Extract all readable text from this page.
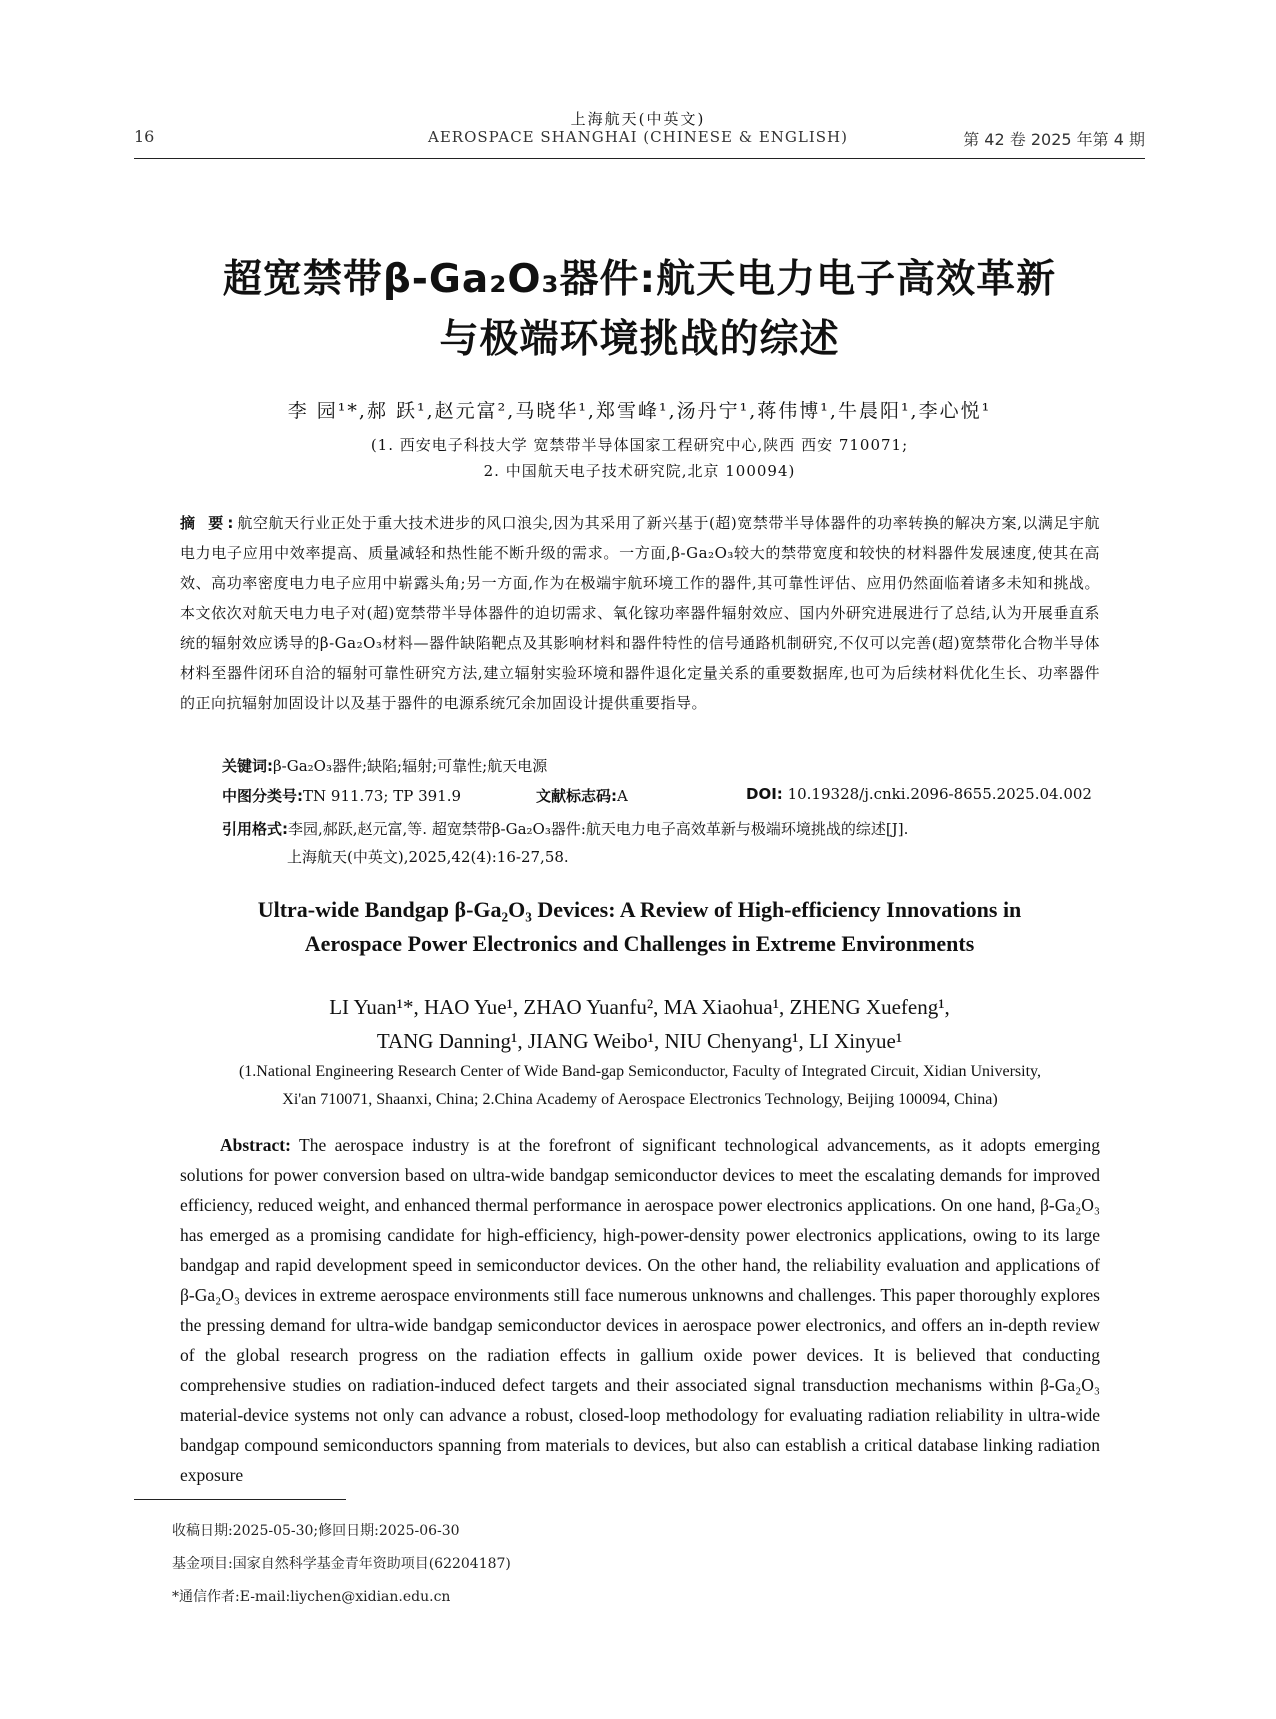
上海航天(中英文)
AEROSPACE SHANGHAI (CHINESE & ENGLISH)
16	第 42 卷 2025 年第 4 期
超宽禁带β-Ga₂O₃器件:航天电力电子高效革新
与极端环境挑战的综述
李 园¹*,郝 跃¹,赵元富²,马晓华¹,郑雪峰¹,汤丹宁¹,蒋伟博¹,牛晨阳¹,李心悦¹
(1. 西安电子科技大学 宽禁带半导体国家工程研究中心,陕西 西安 710071;
2. 中国航天电子技术研究院,北京 100094)
摘 要:航空航天行业正处于重大技术进步的风口浪尖,因为其采用了新兴基于(超)宽禁带半导体器件的功率转换的解决方案,以满足宇航电力电子应用中效率提高、质量减轻和热性能不断升级的需求。一方面,β-Ga₂O₃较大的禁带宽度和较快的材料器件发展速度,使其在高效、高功率密度电力电子应用中崭露头角;另一方面,作为在极端宇航环境工作的器件,其可靠性评估、应用仍然面临着诸多未知和挑战。本文依次对航天电力电子对(超)宽禁带半导体器件的迫切需求、氧化镓功率器件辐射效应、国内外研究进展进行了总结,认为开展垂直系统的辐射效应诱导的β-Ga₂O₃材料—器件缺陷靶点及其影响材料和器件特性的信号通路机制研究,不仅可以完善(超)宽禁带化合物半导体材料至器件闭环自洽的辐射可靠性研究方法,建立辐射实验环境和器件退化定量关系的重要数据库,也可为后续材料优化生长、功率器件的正向抗辐射加固设计以及基于器件的电源系统冗余加固设计提供重要指导。
关键词:β-Ga₂O₃器件;缺陷;辐射;可靠性;航天电源
中图分类号:TN 911.73; TP 391.9	文献标志码:A	DOI: 10.19328/j.cnki.2096-8655.2025.04.002
引用格式:李园,郝跃,赵元富,等. 超宽禁带β-Ga₂O₃器件:航天电力电子高效革新与极端环境挑战的综述[J].
上海航天(中英文),2025,42(4):16-27,58.
Ultra-wide Bandgap β-Ga₂O₃ Devices: A Review of High-efficiency Innovations in
Aerospace Power Electronics and Challenges in Extreme Environments
LI Yuan¹*, HAO Yue¹, ZHAO Yuanfu², MA Xiaohua¹, ZHENG Xuefeng¹,
TANG Danning¹, JIANG Weibo¹, NIU Chenyang¹, LI Xinyue¹
(1.National Engineering Research Center of Wide Band-gap Semiconductor, Faculty of Integrated Circuit, Xidian University,
Xi'an 710071, Shaanxi, China; 2.China Academy of Aerospace Electronics Technology, Beijing 100094, China)
Abstract: The aerospace industry is at the forefront of significant technological advancements, as it adopts emerging solutions for power conversion based on ultra-wide bandgap semiconductor devices to meet the escalating demands for improved efficiency, reduced weight, and enhanced thermal performance in aerospace power electronics applications. On one hand, β-Ga₂O₃ has emerged as a promising candidate for high-efficiency, high-power-density power electronics applications, owing to its large bandgap and rapid development speed in semiconductor devices. On the other hand, the reliability evaluation and applications of β-Ga₂O₃ devices in extreme aerospace environments still face numerous unknowns and challenges. This paper thoroughly explores the pressing demand for ultra-wide bandgap semiconductor devices in aerospace power electronics, and offers an in-depth review of the global research progress on the radiation effects in gallium oxide power devices. It is believed that conducting comprehensive studies on radiation-induced defect targets and their associated signal transduction mechanisms within β-Ga₂O₃ material-device systems not only can advance a robust, closed-loop methodology for evaluating radiation reliability in ultra-wide bandgap compound semiconductors spanning from materials to devices, but also can establish a critical database linking radiation exposure
收稿日期:2025-05-30;修回日期:2025-06-30
基金项目:国家自然科学基金青年资助项目(62204187)
*通信作者:E-mail:liychen@xidian.edu.cn
